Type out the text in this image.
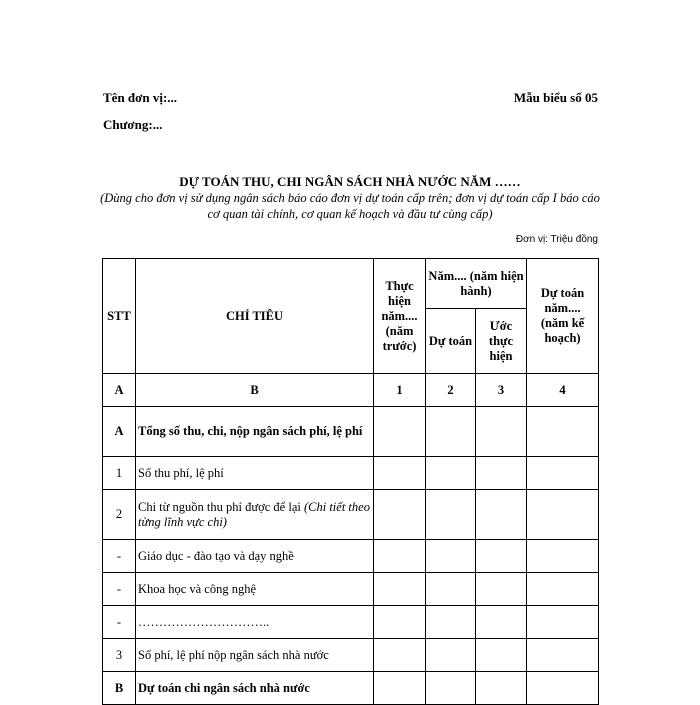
Tên đơn vị:...
Chương:...
Mẫu biểu số 05
DỰ TOÁN THU, CHI NGÂN SÁCH NHÀ NƯỚC NĂM ……
(Dùng cho đơn vị sử dụng ngân sách báo cáo đơn vị dự toán cấp trên; đơn vị dự toán cấp I báo cáo cơ quan tài chính, cơ quan kế hoạch và đầu tư cùng cấp)
Đơn vị: Triệu đồng
STT	CHỈ TIÊU	Thực hiện năm.... (năm trước)	Năm.... (năm hiện hành)		Dự toán năm.... (năm kế hoạch)
			Dự toán	Ước thực hiện	
A	B	1	2	3	4
A	Tổng số thu, chi, nộp ngân sách phí, lệ phí				
1	Số thu phí, lệ phí				
2	Chi từ nguồn thu phí được để lại (Chi tiết theo từng lĩnh vực chi)				
-	Giáo dục - đào tạo và dạy nghề				
-	Khoa học và công nghệ				
-	…………………………..				
3	Số phí, lệ phí nộp ngân sách nhà nước				
B	Dự toán chi ngân sách nhà nước				
